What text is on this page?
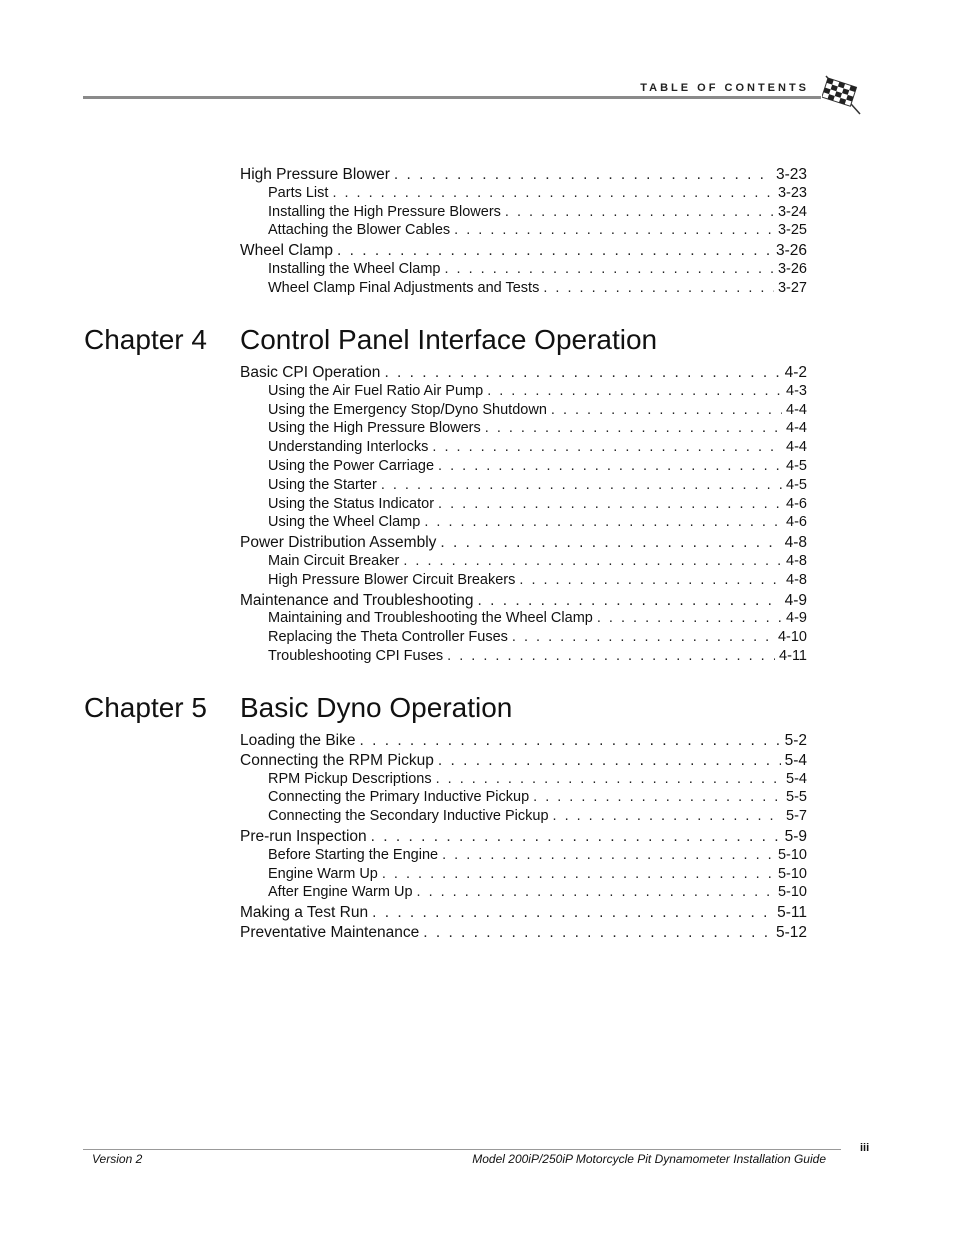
TABLE OF CONTENTS
High Pressure Blower . . .	3-23
Parts List . . .	3-23
Installing the High Pressure Blowers . . .	3-24
Attaching the Blower Cables . . .	3-25
Wheel Clamp . . .	3-26
Installing the Wheel Clamp . . .	3-26
Wheel Clamp Final Adjustments and Tests . . .	3-27
Chapter 4 Control Panel Interface Operation
Basic CPI Operation . . .	4-2
Using the Air Fuel Ratio Air Pump . . .	4-3
Using the Emergency Stop/Dyno Shutdown . . .	4-4
Using the High Pressure Blowers . . .	4-4
Understanding Interlocks . . .	4-4
Using the Power Carriage . . .	4-5
Using the Starter . . .	4-5
Using the Status Indicator . . .	4-6
Using the Wheel Clamp . . .	4-6
Power Distribution Assembly . . .	4-8
Main Circuit Breaker . . .	4-8
High Pressure Blower Circuit Breakers . . .	4-8
Maintenance and Troubleshooting . . .	4-9
Maintaining and Troubleshooting the Wheel Clamp . . .	4-9
Replacing the Theta Controller Fuses . . .	4-10
Troubleshooting CPI Fuses . . .	4-11
Chapter 5 Basic Dyno Operation
Loading the Bike . . .	5-2
Connecting the RPM Pickup . . .	5-4
RPM Pickup Descriptions . . .	5-4
Connecting the Primary Inductive Pickup . . .	5-5
Connecting the Secondary Inductive Pickup . . .	5-7
Pre-run Inspection . . .	5-9
Before Starting the Engine . . .	5-10
Engine Warm Up . . .	5-10
After Engine Warm Up . . .	5-10
Making a Test Run . . .	5-11
Preventative Maintenance . . .	5-12
Version 2	Model 200iP/250iP Motorcycle Pit Dynamometer Installation Guide
iii
